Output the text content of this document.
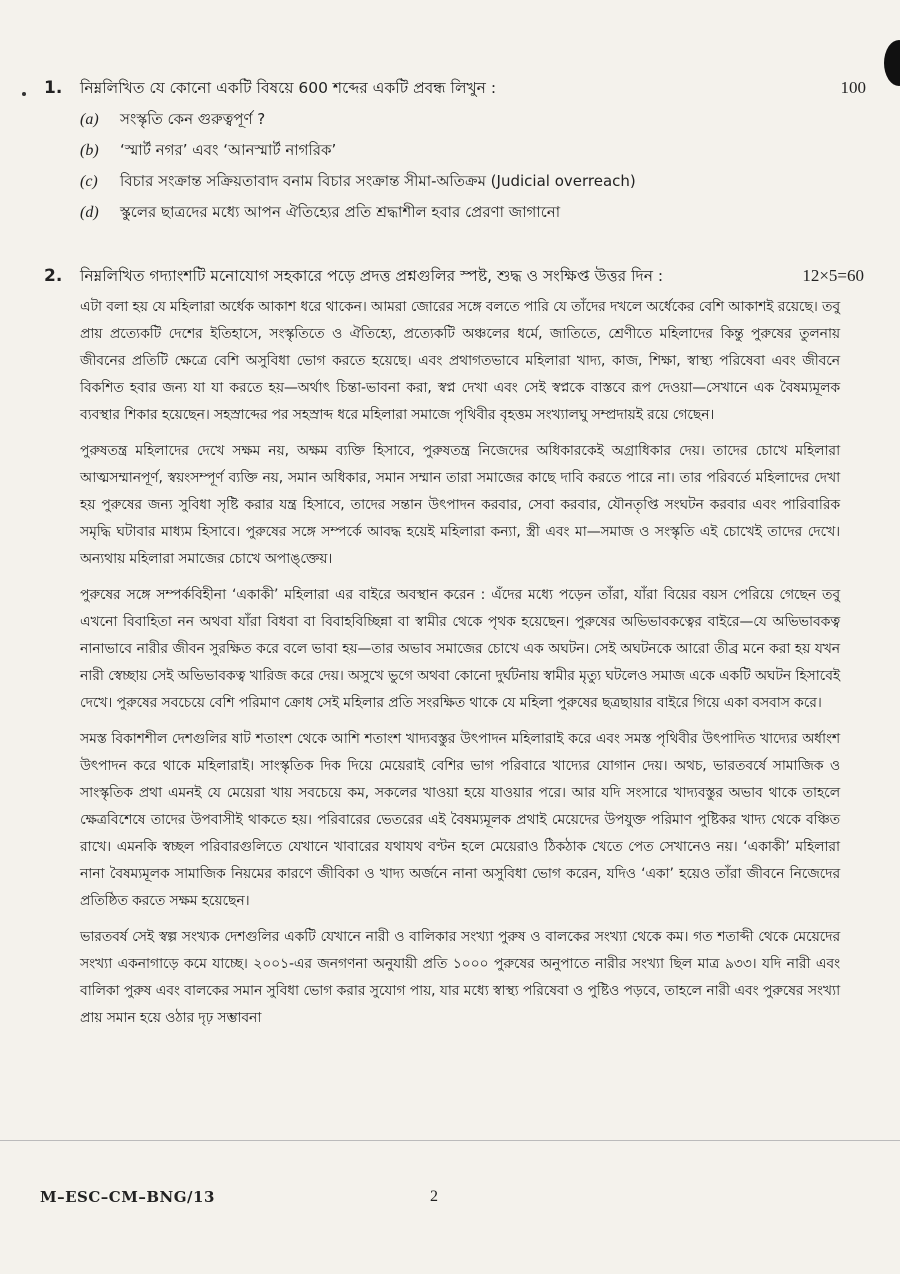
1.	নিম্নলিখিত যে কোনো একটি বিষয়ে 600 শব্দের একটি প্রবন্ধ লিখুন :	100
(a)	সংস্কৃতি কেন গুরুত্বপূর্ণ ?
(b)	‘স্মার্ট নগর’ এবং ‘আনস্মার্ট নাগরিক’
(c)	বিচার সংক্রান্ত সক্রিয়তাবাদ বনাম বিচার সংক্রান্ত সীমা-অতিক্রম (Judicial overreach)
(d)	স্কুলের ছাত্রদের মধ্যে আপন ঐতিহ্যের প্রতি শ্রদ্ধাশীল হবার প্রেরণা জাগানো
2.	নিম্নলিখিত গদ্যাংশটি মনোযোগ সহকারে পড়ে প্রদত্ত প্রশ্নগুলির স্পষ্ট, শুদ্ধ ও সংক্ষিপ্ত উত্তর দিন :	12×5=60

এটা বলা হয় যে মহিলারা অর্ধেক আকাশ ধরে থাকেন। আমরা জোরের সঙ্গে বলতে পারি যে তাঁদের দখলে অর্ধেকের বেশি আকাশই রয়েছে। তবু প্রায় প্রত্যেকটি দেশের ইতিহাসে, সংস্কৃতিতে ও ঐতিহ্যে, প্রত্যেকটি অঞ্চলের ধর্মে, জাতিতে, শ্রেণীতে মহিলাদের কিন্তু পুরুষের তুলনায় জীবনের প্রতিটি ক্ষেত্রে বেশি অসুবিধা ভোগ করতে হয়েছে। এবং প্রথাগতভাবে মহিলারা খাদ্য, কাজ, শিক্ষা, স্বাস্থ্য পরিষেবা এবং জীবনে বিকশিত হবার জন্য যা যা করতে হয়—অর্থাৎ চিন্তা-ভাবনা করা, স্বপ্ন দেখা এবং সেই স্বপ্নকে বাস্তবে রূপ দেওয়া—সেখানে এক বৈষম্যমূলক ব্যবস্থার শিকার হয়েছেন। সহস্রাব্দের পর সহস্রাব্দ ধরে মহিলারা সমাজে পৃথিবীর বৃহত্তম সংখ্যালঘু সম্প্রদায়ই রয়ে গেছেন।

পুরুষতন্ত্র মহিলাদের দেখে সক্ষম নয়, অক্ষম ব্যক্তি হিসাবে, পুরুষতন্ত্র নিজেদের অধিকারকেই অগ্রাধিকার দেয়। তাদের চোখে মহিলারা আত্মসম্মানপূর্ণ, স্বয়ংসম্পূর্ণ ব্যক্তি নয়, সমান অধিকার, সমান সম্মান তারা সমাজের কাছে দাবি করতে পারে না। তার পরিবর্তে মহিলাদের দেখা হয় পুরুষের জন্য সুবিধা সৃষ্টি করার যন্ত্র হিসাবে, তাদের সন্তান উৎপাদন করবার, সেবা করবার, যৌনতৃপ্তি সংঘটন করবার এবং পারিবারিক সমৃদ্ধি ঘটাবার মাধ্যম হিসাবে। পুরুষের সঙ্গে সম্পর্কে আবদ্ধ হয়েই মহিলারা কন্যা, স্ত্রী এবং মা—সমাজ ও সংস্কৃতি এই চোখেই তাদের দেখে। অন্যথায় মহিলারা সমাজের চোখে অপাঙ্‌ক্তেয়।

পুরুষের সঙ্গে সম্পর্কবিহীনা ‘একাকী’ মহিলারা এর বাইরে অবস্থান করেন : এঁদের মধ্যে পড়েন তাঁরা, যাঁরা বিয়ের বয়স পেরিয়ে গেছেন তবু এখনো বিবাহিতা নন অথবা যাঁরা বিধবা বা বিবাহবিচ্ছিন্না বা স্বামীর থেকে পৃথক হয়েছেন। পুরুষের অভিভাবকত্বের বাইরে—যে অভিভাবকত্ব নানাভাবে নারীর জীবন সুরক্ষিত করে বলে ভাবা হয়—তার অভাব সমাজের চোখে এক অঘটন। সেই অঘটনকে আরো তীব্র মনে করা হয় যখন নারী স্বেচ্ছায় সেই অভিভাবকত্ব খারিজ করে দেয়। অসুখে ভুগে অথবা কোনো দুর্ঘটনায় স্বামীর মৃত্যু ঘটলেও সমাজ একে একটি অঘটন হিসাবেই দেখে। পুরুষের সবচেয়ে বেশি পরিমাণ ক্রোধ সেই মহিলার প্রতি সংরক্ষিত থাকে যে মহিলা পুরুষের ছত্রছায়ার বাইরে গিয়ে একা বসবাস করে।

সমস্ত বিকাশশীল দেশগুলির ষাট শতাংশ থেকে আশি শতাংশ খাদ্যবস্তুর উৎপাদন মহিলারাই করে এবং সমস্ত পৃথিবীর উৎপাদিত খাদ্যের অর্ধাংশ উৎপাদন করে থাকে মহিলারাই। সাংস্কৃতিক দিক দিয়ে মেয়েরাই বেশির ভাগ পরিবারে খাদ্যের যোগান দেয়। অথচ, ভারতবর্ষে সামাজিক ও সাংস্কৃতিক প্রথা এমনই যে মেয়েরা খায় সবচেয়ে কম, সকলের খাওয়া হয়ে যাওয়ার পরে। আর যদি সংসারে খাদ্যবস্তুর অভাব থাকে তাহলে ক্ষেত্রবিশেষে তাদের উপবাসীই থাকতে হয়। পরিবারের ভেতরের এই বৈষম্যমূলক প্রথাই মেয়েদের উপযুক্ত পরিমাণ পুষ্টিকর খাদ্য থেকে বঞ্চিত রাখে। এমনকি স্বচ্ছল পরিবারগুলিতে যেখানে খাবারের যথাযথ বণ্টন হলে মেয়েরাও ঠিকঠাক খেতে পেত সেখানেও নয়। ‘একাকী’ মহিলারা নানা বৈষম্যমূলক সামাজিক নিয়মের কারণে জীবিকা ও খাদ্য অর্জনে নানা অসুবিধা ভোগ করেন, যদিও ‘একা’ হয়েও তাঁরা জীবনে নিজেদের প্রতিষ্ঠিত করতে সক্ষম হয়েছেন।

ভারতবর্ষ সেই স্বল্প সংখ্যক দেশগুলির একটি যেখানে নারী ও বালিকার সংখ্যা পুরুষ ও বালকের সংখ্যা থেকে কম। গত শতাব্দী থেকে মেয়েদের সংখ্যা একনাগাড়ে কমে যাচ্ছে। ২০০১-এর জনগণনা অনুযায়ী প্রতি ১০০০ পুরুষের অনুপাতে নারীর সংখ্যা ছিল মাত্র ৯৩৩। যদি নারী এবং বালিকা পুরুষ এবং বালকের সমান সুবিধা ভোগ করার সুযোগ পায়, যার মধ্যে স্বাস্থ্য পরিষেবা ও পুষ্টিও পড়বে, তাহলে নারী এবং পুরুষের সংখ্যা প্রায় সমান হয়ে ওঠার দৃঢ় সম্ভাবনা

M–ESC–CM–BNG/13	2
